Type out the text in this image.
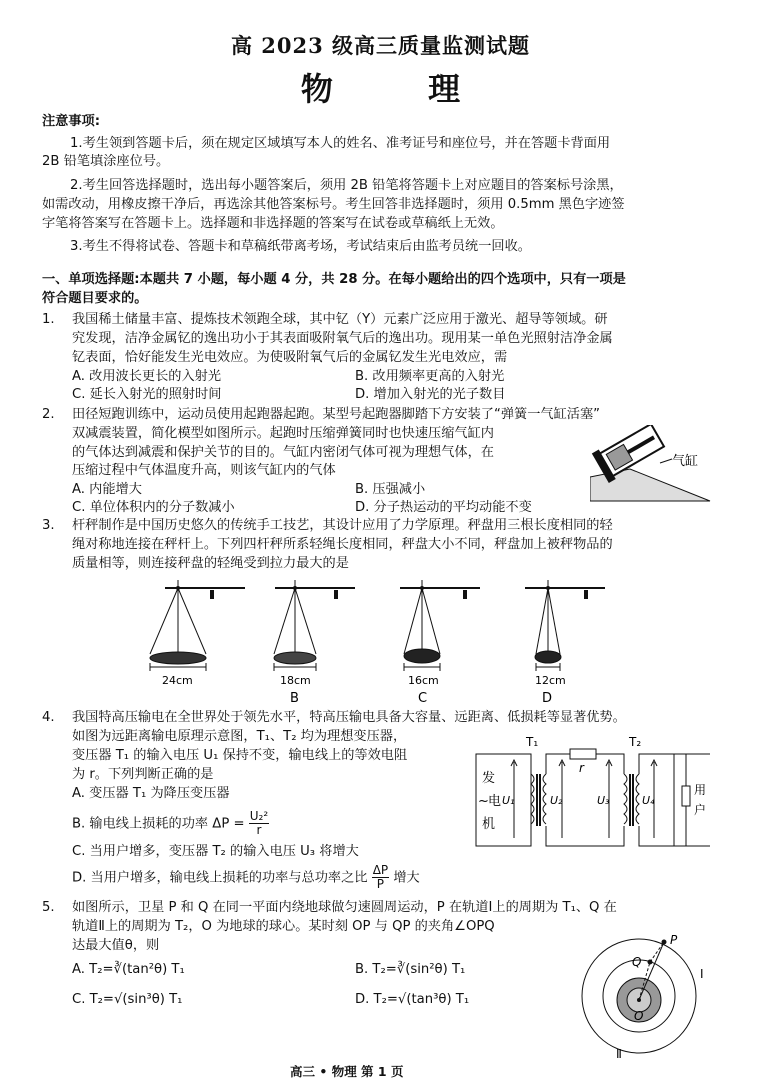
高 2023 级高三质量监测试题
物 理
注意事项:
1.考生领到答题卡后，须在规定区域填写本人的姓名、准考证号和座位号，并在答题卡背面用
2B 铅笔填涂座位号。
2.考生回答选择题时，选出每小题答案后，须用 2B 铅笔将答题卡上对应题目的答案标号涂黑，
如需改动，用橡皮擦干净后，再选涂其他答案标号。考生回答非选择题时，须用 0.5mm 黑色字迹签
字笔将答案写在答题卡上。选择题和非选择题的答案写在试卷或草稿纸上无效。
3.考生不得将试卷、答题卡和草稿纸带离考场，考试结束后由监考员统一回收。
一、单项选择题:本题共 7 小题，每小题 4 分，共 28 分。在每小题给出的四个选项中，只有一项是
符合题目要求的。
1. 我国稀土储量丰富、提炼技术领跑全球，其中钇（Y）元素广泛应用于激光、超导等领域。研
究发现，洁净金属钇的逸出功小于其表面吸附氧气后的逸出功。现用某一单色光照射洁净金属
钇表面，恰好能发生光电效应。为使吸附氧气后的金属钇发生光电效应，需
A. 改用波长更长的入射光	B. 改用频率更高的入射光
C. 延长入射光的照射时间	D. 增加入射光的光子数目
2. 田径短跑训练中，运动员使用起跑器起跑。某型号起跑器脚踏下方安装了“弹簧一气缸活塞”
双减震装置，简化模型如图所示。起跑时压缩弹簧同时也快速压缩气缸内
的气体达到减震和保护关节的目的。气缸内密闭气体可视为理想气体，在
压缩过程中气体温度升高，则该气缸内的气体
A. 内能增大	B. 压强减小
C. 单位体积内的分子数减小	D. 分子热运动的平均动能不变
气缸
3. 杆秤制作是中国历史悠久的传统手工技艺，其设计应用了力学原理。秤盘用三根长度相同的轻
绳对称地连接在秤杆上。下列四杆秤所系轻绳长度相同，秤盘大小不同，秤盘加上被秤物品的
质量相等，则连接秤盘的轻绳受到拉力最大的是
24cm	18cm
B
16cm
C
12cm
D
4. 我国特高压输电在全世界处于领先水平，特高压输电具备大容量、远距离、低损耗等显著优势。
如图为远距离输电原理示意图，T₁、T₂ 均为理想变压器，
变压器 T₁ 的输入电压 U₁ 保持不变，输电线上的等效电阻
为 r。下列判断正确的是
A. 变压器 T₁ 为降压变压器
B. 输电线上损耗的功率 $\Delta P = \frac{\text{U₂²}}{r}$
C. 当用户增多，变压器 T₂ 的输入电压 U₃ 将增大
D. 当用户增多，输电线上损耗的功率与总功率之比 $\frac{\Delta P}{P}$ 增大
T₁	T₂
r
发
~ 电
机
U₁	U₂	U₃	U₄
用
户
5. 如图所示，卫星 P 和 Q 在同一平面内绕地球做匀速圆周运动，P 在轨道Ⅰ上的周期为 T₁、Q 在
轨道Ⅱ上的周期为 T₂，O 为地球的球心。某时刻 OP 与 QP 的夹角∠OPQ
达最大值θ，则
A. T₂=∛(tan²θ) T₁	B. T₂=∛(sin²θ) T₁
C. T₂=√(sin³θ) T₁	D. T₂=√(tan³θ) T₁
P
Q
O
Ⅰ
Ⅱ
高三 • 物理 第 1 页
